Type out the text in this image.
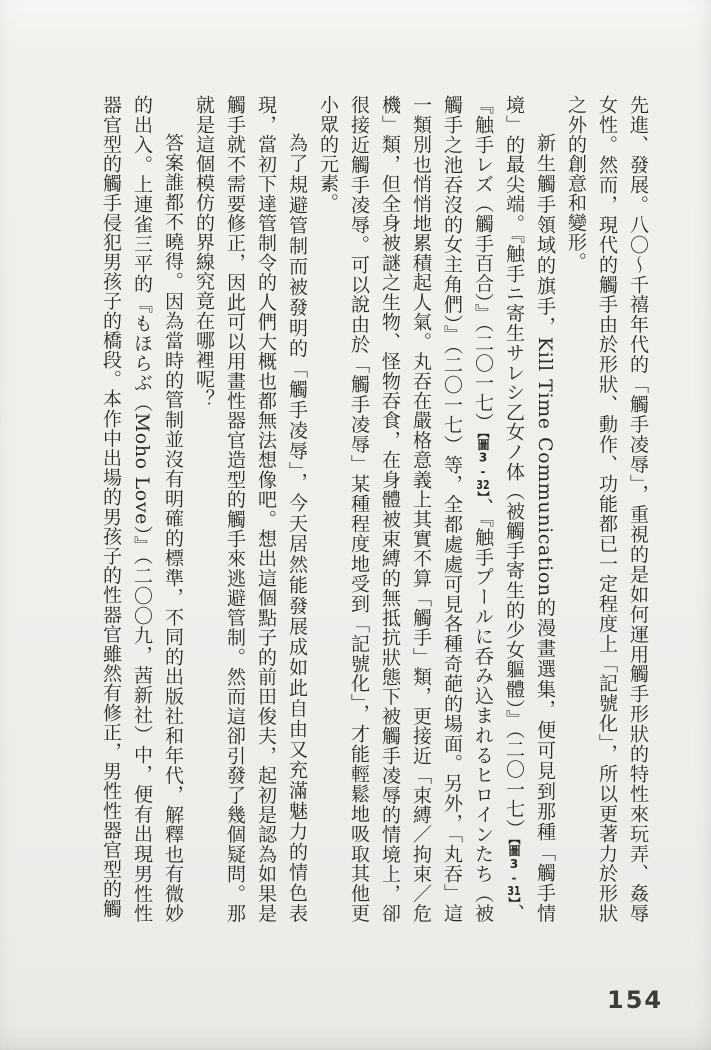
先進、發展。八〇～千禧年代的「觸手凌辱」，重視的是如何運用觸手形狀的特性來玩弄、姦辱女性。然而，現代的觸手由於形狀、動作、功能都已一定程度上「記號化」，所以更著力於形狀之外的創意和變形。

新生觸手領域的旗手，Kill Time Communication的漫畫選集，便可見到那種「觸手情境」的最尖端。『触手ニ寄生サレシ乙女ノ体（被觸手寄生的少女軀體）』（二〇一七）【圖3-31】、『触手レズ（觸手百合）』（二〇一七）【圖3-32】、『触手プールに呑み込まれるヒロインたち（被觸手之池吞沒的女主角們）』（二〇一七）等，全都處處可見各種奇葩的場面。另外，「丸吞」這一類別也悄悄地累積起人氣。丸吞在嚴格意義上其實不算「觸手」類，更接近「束縛／拘束／危機」類，但全身被謎之生物、怪物吞食，在身體被束縛的無抵抗狀態下被觸手凌辱的情境上，卻很接近觸手凌辱。可以說由於「觸手凌辱」某種程度地受到「記號化」，才能輕鬆地吸取其他更小眾的元素。

為了規避管制而被發明的「觸手凌辱」，今天居然能發展成如此自由又充滿魅力的情色表現，當初下達管制令的人們大概也都無法想像吧。想出這個點子的前田俊夫，起初是認為如果是觸手就不需要修正，因此可以用畫性器官造型的觸手來逃避管制。然而這卻引發了幾個疑問。那就是這個模仿的界線究竟在哪裡呢？

答案誰都不曉得。因為當時的管制並沒有明確的標準，不同的出版社和年代，解釋也有微妙的出入。上連雀三平的『もほらぶ（Moho Love）』（二〇〇九，茜新社）中，便有出現男性性器官型的觸手侵犯男孩子的橋段。本作中出場的男孩子的性器官雖然有修正，男性性器官型的觸

154
